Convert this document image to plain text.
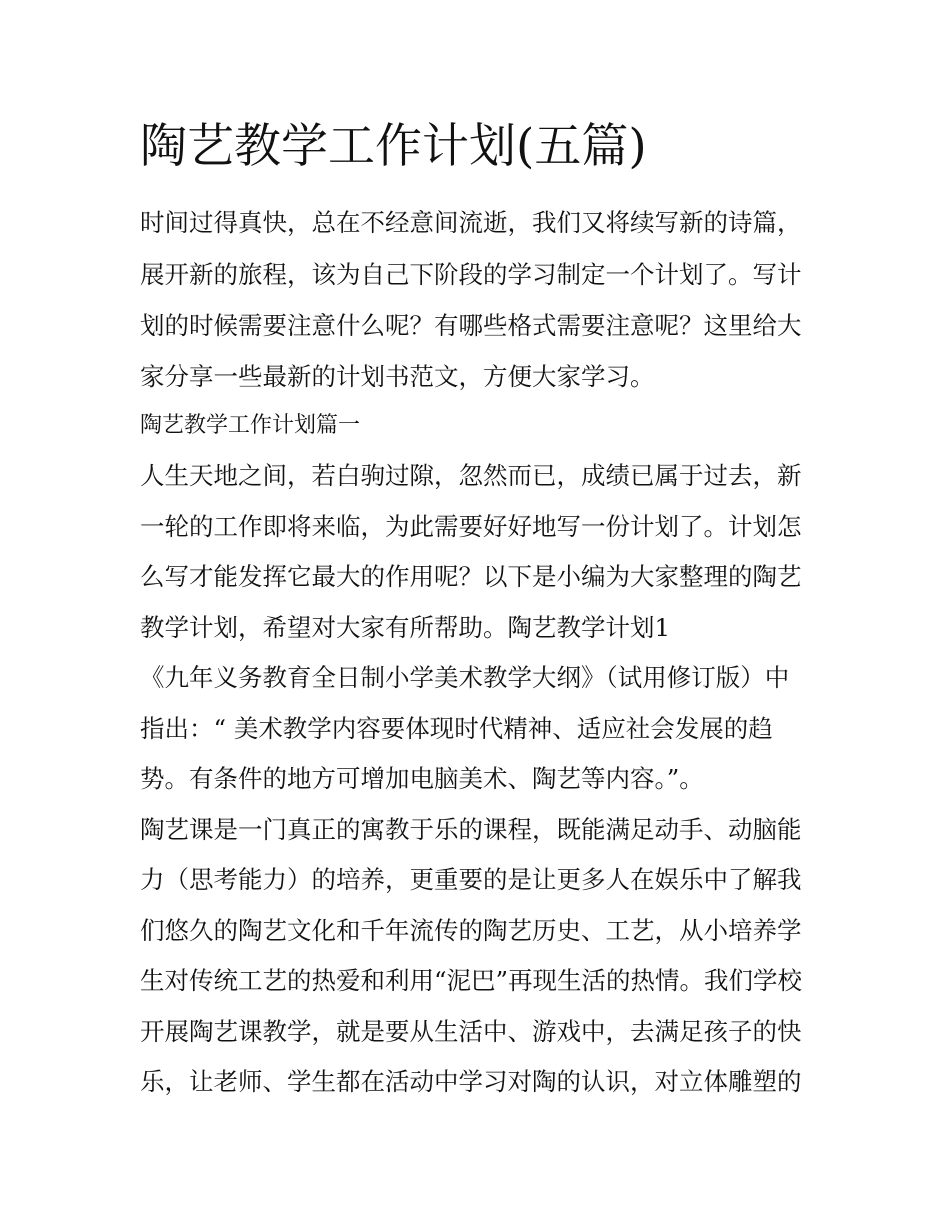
陶艺教学工作计划(五篇)

时间过得真快，总在不经意间流逝，我们又将续写新的诗篇，

展开新的旅程，该为自己下阶段的学习制定一个计划了。写计

划的时候需要注意什么呢？有哪些格式需要注意呢？这里给大

家分享一些最新的计划书范文，方便大家学习。

陶艺教学工作计划篇一

人生天地之间，若白驹过隙，忽然而已，成绩已属于过去，新

一轮的工作即将来临，为此需要好好地写一份计划了。计划怎

么写才能发挥它最大的作用呢？以下是小编为大家整理的陶艺

教学计划，希望对大家有所帮助。陶艺教学计划1

《九年义务教育全日制小学美术教学大纲》（试用修订版）中

指出：“ 美术教学内容要体现时代精神、适应社会发展的趋

势。有条件的地方可增加电脑美术、陶艺等内容。”。

陶艺课是一门真正的寓教于乐的课程，既能满足动手、动脑能

力（思考能力）的培养，更重要的是让更多人在娱乐中了解我

们悠久的陶艺文化和千年流传的陶艺历史、工艺，从小培养学

生对传统工艺的热爱和利用“泥巴”再现生活的热情。我们学校

开展陶艺课教学，就是要从生活中、游戏中，去满足孩子的快

乐，让老师、学生都在活动中学习对陶的认识，对立体雕塑的
